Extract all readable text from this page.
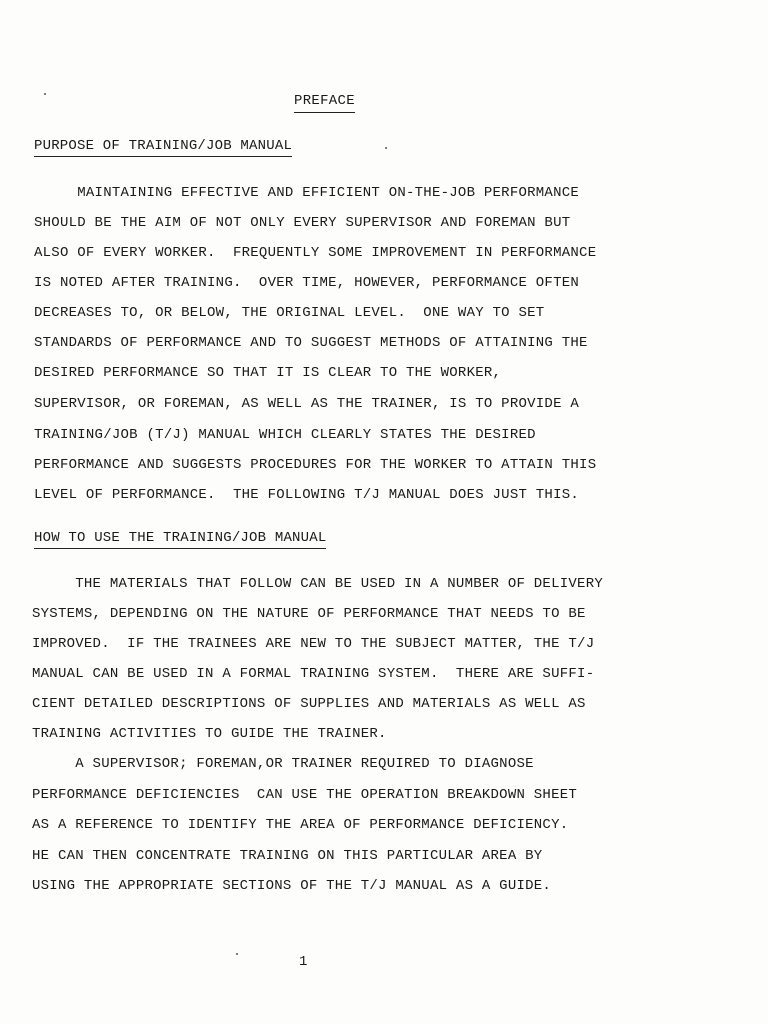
PREFACE
PURPOSE OF TRAINING/JOB MANUAL
MAINTAINING EFFECTIVE AND EFFICIENT ON-THE-JOB PERFORMANCE
SHOULD BE THE AIM OF NOT ONLY EVERY SUPERVISOR AND FOREMAN BUT
ALSO OF EVERY WORKER.  FREQUENTLY SOME IMPROVEMENT IN PERFORMANCE
IS NOTED AFTER TRAINING.  OVER TIME, HOWEVER, PERFORMANCE OFTEN
DECREASES TO, OR BELOW, THE ORIGINAL LEVEL.  ONE WAY TO SET
STANDARDS OF PERFORMANCE AND TO SUGGEST METHODS OF ATTAINING THE
DESIRED PERFORMANCE SO THAT IT IS CLEAR TO THE WORKER,
SUPERVISOR, OR FOREMAN, AS WELL AS THE TRAINER, IS TO PROVIDE A
TRAINING/JOB (T/J) MANUAL WHICH CLEARLY STATES THE DESIRED
PERFORMANCE AND SUGGESTS PROCEDURES FOR THE WORKER TO ATTAIN THIS
LEVEL OF PERFORMANCE.  THE FOLLOWING T/J MANUAL DOES JUST THIS.
HOW TO USE THE TRAINING/JOB MANUAL
THE MATERIALS THAT FOLLOW CAN BE USED IN A NUMBER OF DELIVERY
SYSTEMS, DEPENDING ON THE NATURE OF PERFORMANCE THAT NEEDS TO BE
IMPROVED.  IF THE TRAINEES ARE NEW TO THE SUBJECT MATTER, THE T/J
MANUAL CAN BE USED IN A FORMAL TRAINING SYSTEM.  THERE ARE SUFFI-
CIENT DETAILED DESCRIPTIONS OF SUPPLIES AND MATERIALS AS WELL AS
TRAINING ACTIVITIES TO GUIDE THE TRAINER.
A SUPERVISOR; FOREMAN,OR TRAINER REQUIRED TO DIAGNOSE
PERFORMANCE DEFICIENCIES  CAN USE THE OPERATION BREAKDOWN SHEET
AS A REFERENCE TO IDENTIFY THE AREA OF PERFORMANCE DEFICIENCY.
HE CAN THEN CONCENTRATE TRAINING ON THIS PARTICULAR AREA BY
USING THE APPROPRIATE SECTIONS OF THE T/J MANUAL AS A GUIDE.
1
